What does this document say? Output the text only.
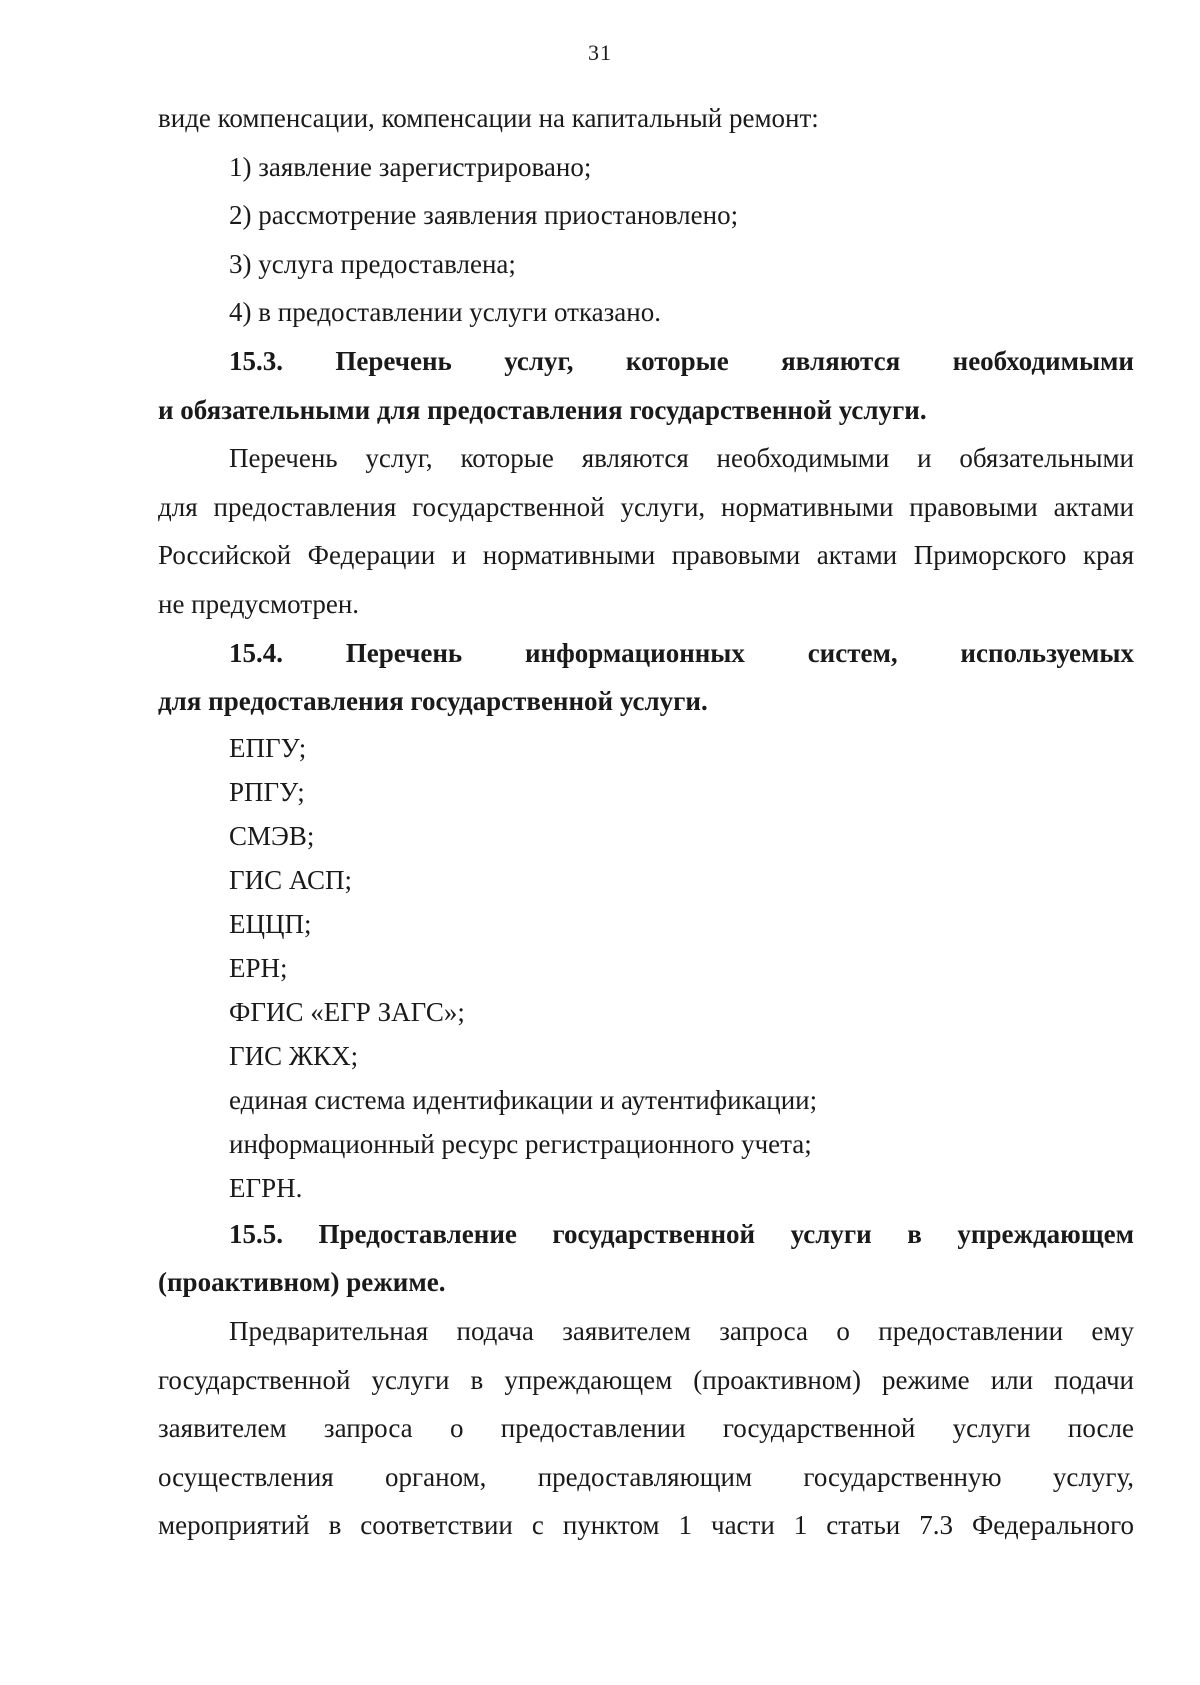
31
виде компенсации, компенсации на капитальный ремонт:
1) заявление зарегистрировано;
2) рассмотрение заявления приостановлено;
3) услуга предоставлена;
4) в предоставлении услуги отказано.
15.3. Перечень услуг, которые являются необходимыми
и обязательными для предоставления государственной услуги.
Перечень услуг, которые являются необходимыми и обязательными
для предоставления государственной услуги, нормативными правовыми актами
Российской Федерации и нормативными правовыми актами Приморского края
не предусмотрен.
15.4. Перечень информационных систем, используемых
для предоставления государственной услуги.
ЕПГУ;
РПГУ;
СМЭВ;
ГИС АСП;
ЕЦЦП;
ЕРН;
ФГИС «ЕГР ЗАГС»;
ГИС ЖКХ;
единая система идентификации и аутентификации;
информационный ресурс регистрационного учета;
ЕГРН.
15.5. Предоставление государственной услуги в упреждающем
(проактивном) режиме.
Предварительная подача заявителем запроса о предоставлении ему
государственной услуги в упреждающем (проактивном) режиме или подачи
заявителем запроса о предоставлении государственной услуги после
осуществления органом, предоставляющим государственную услугу,
мероприятий в соответствии с пунктом 1 части 1 статьи 7.3 Федерального
